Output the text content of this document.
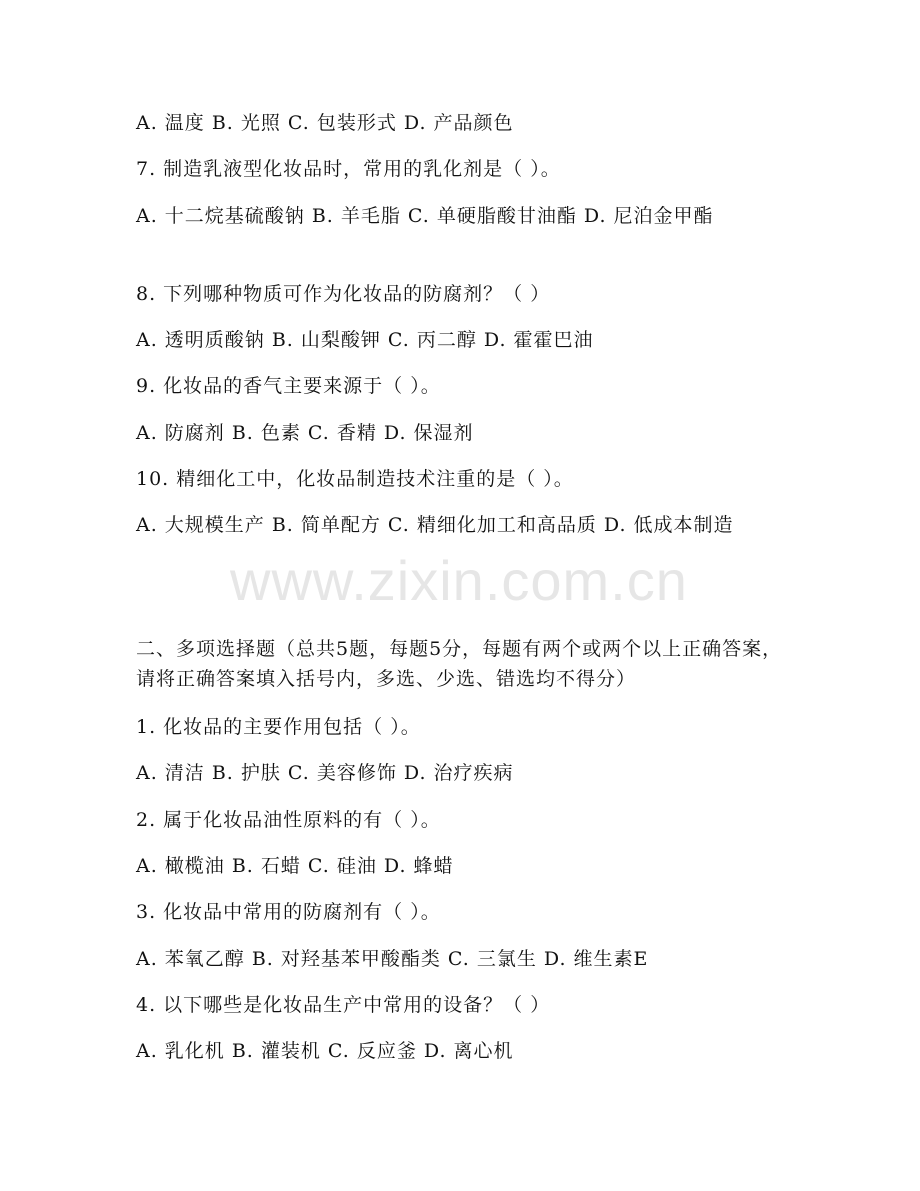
www.zixin.com.cn
A. 温度 B. 光照 C. 包装形式 D. 产品颜色
7. 制造乳液型化妆品时，常用的乳化剂是（ ）。
A. 十二烷基硫酸钠 B. 羊毛脂 C. 单硬脂酸甘油酯 D. 尼泊金甲酯
8. 下列哪种物质可作为化妆品的防腐剂？（ ）
A. 透明质酸钠 B. 山梨酸钾 C. 丙二醇 D. 霍霍巴油
9. 化妆品的香气主要来源于（ ）。
A. 防腐剂 B. 色素 C. 香精 D. 保湿剂
10. 精细化工中，化妆品制造技术注重的是（ ）。
A. 大规模生产 B. 简单配方 C. 精细化加工和高品质 D. 低成本制造
二、多项选择题（总共5题，每题5分，每题有两个或两个以上正确答案，请将正确答案填入括号内，多选、少选、错选均不得分）
1. 化妆品的主要作用包括（ ）。
A. 清洁 B. 护肤 C. 美容修饰 D. 治疗疾病
2. 属于化妆品油性原料的有（ ）。
A. 橄榄油 B. 石蜡 C. 硅油 D. 蜂蜡
3. 化妆品中常用的防腐剂有（ ）。
A. 苯氧乙醇 B. 对羟基苯甲酸酯类 C. 三氯生 D. 维生素E
4. 以下哪些是化妆品生产中常用的设备？（ ）
A. 乳化机 B. 灌装机 C. 反应釜 D. 离心机
